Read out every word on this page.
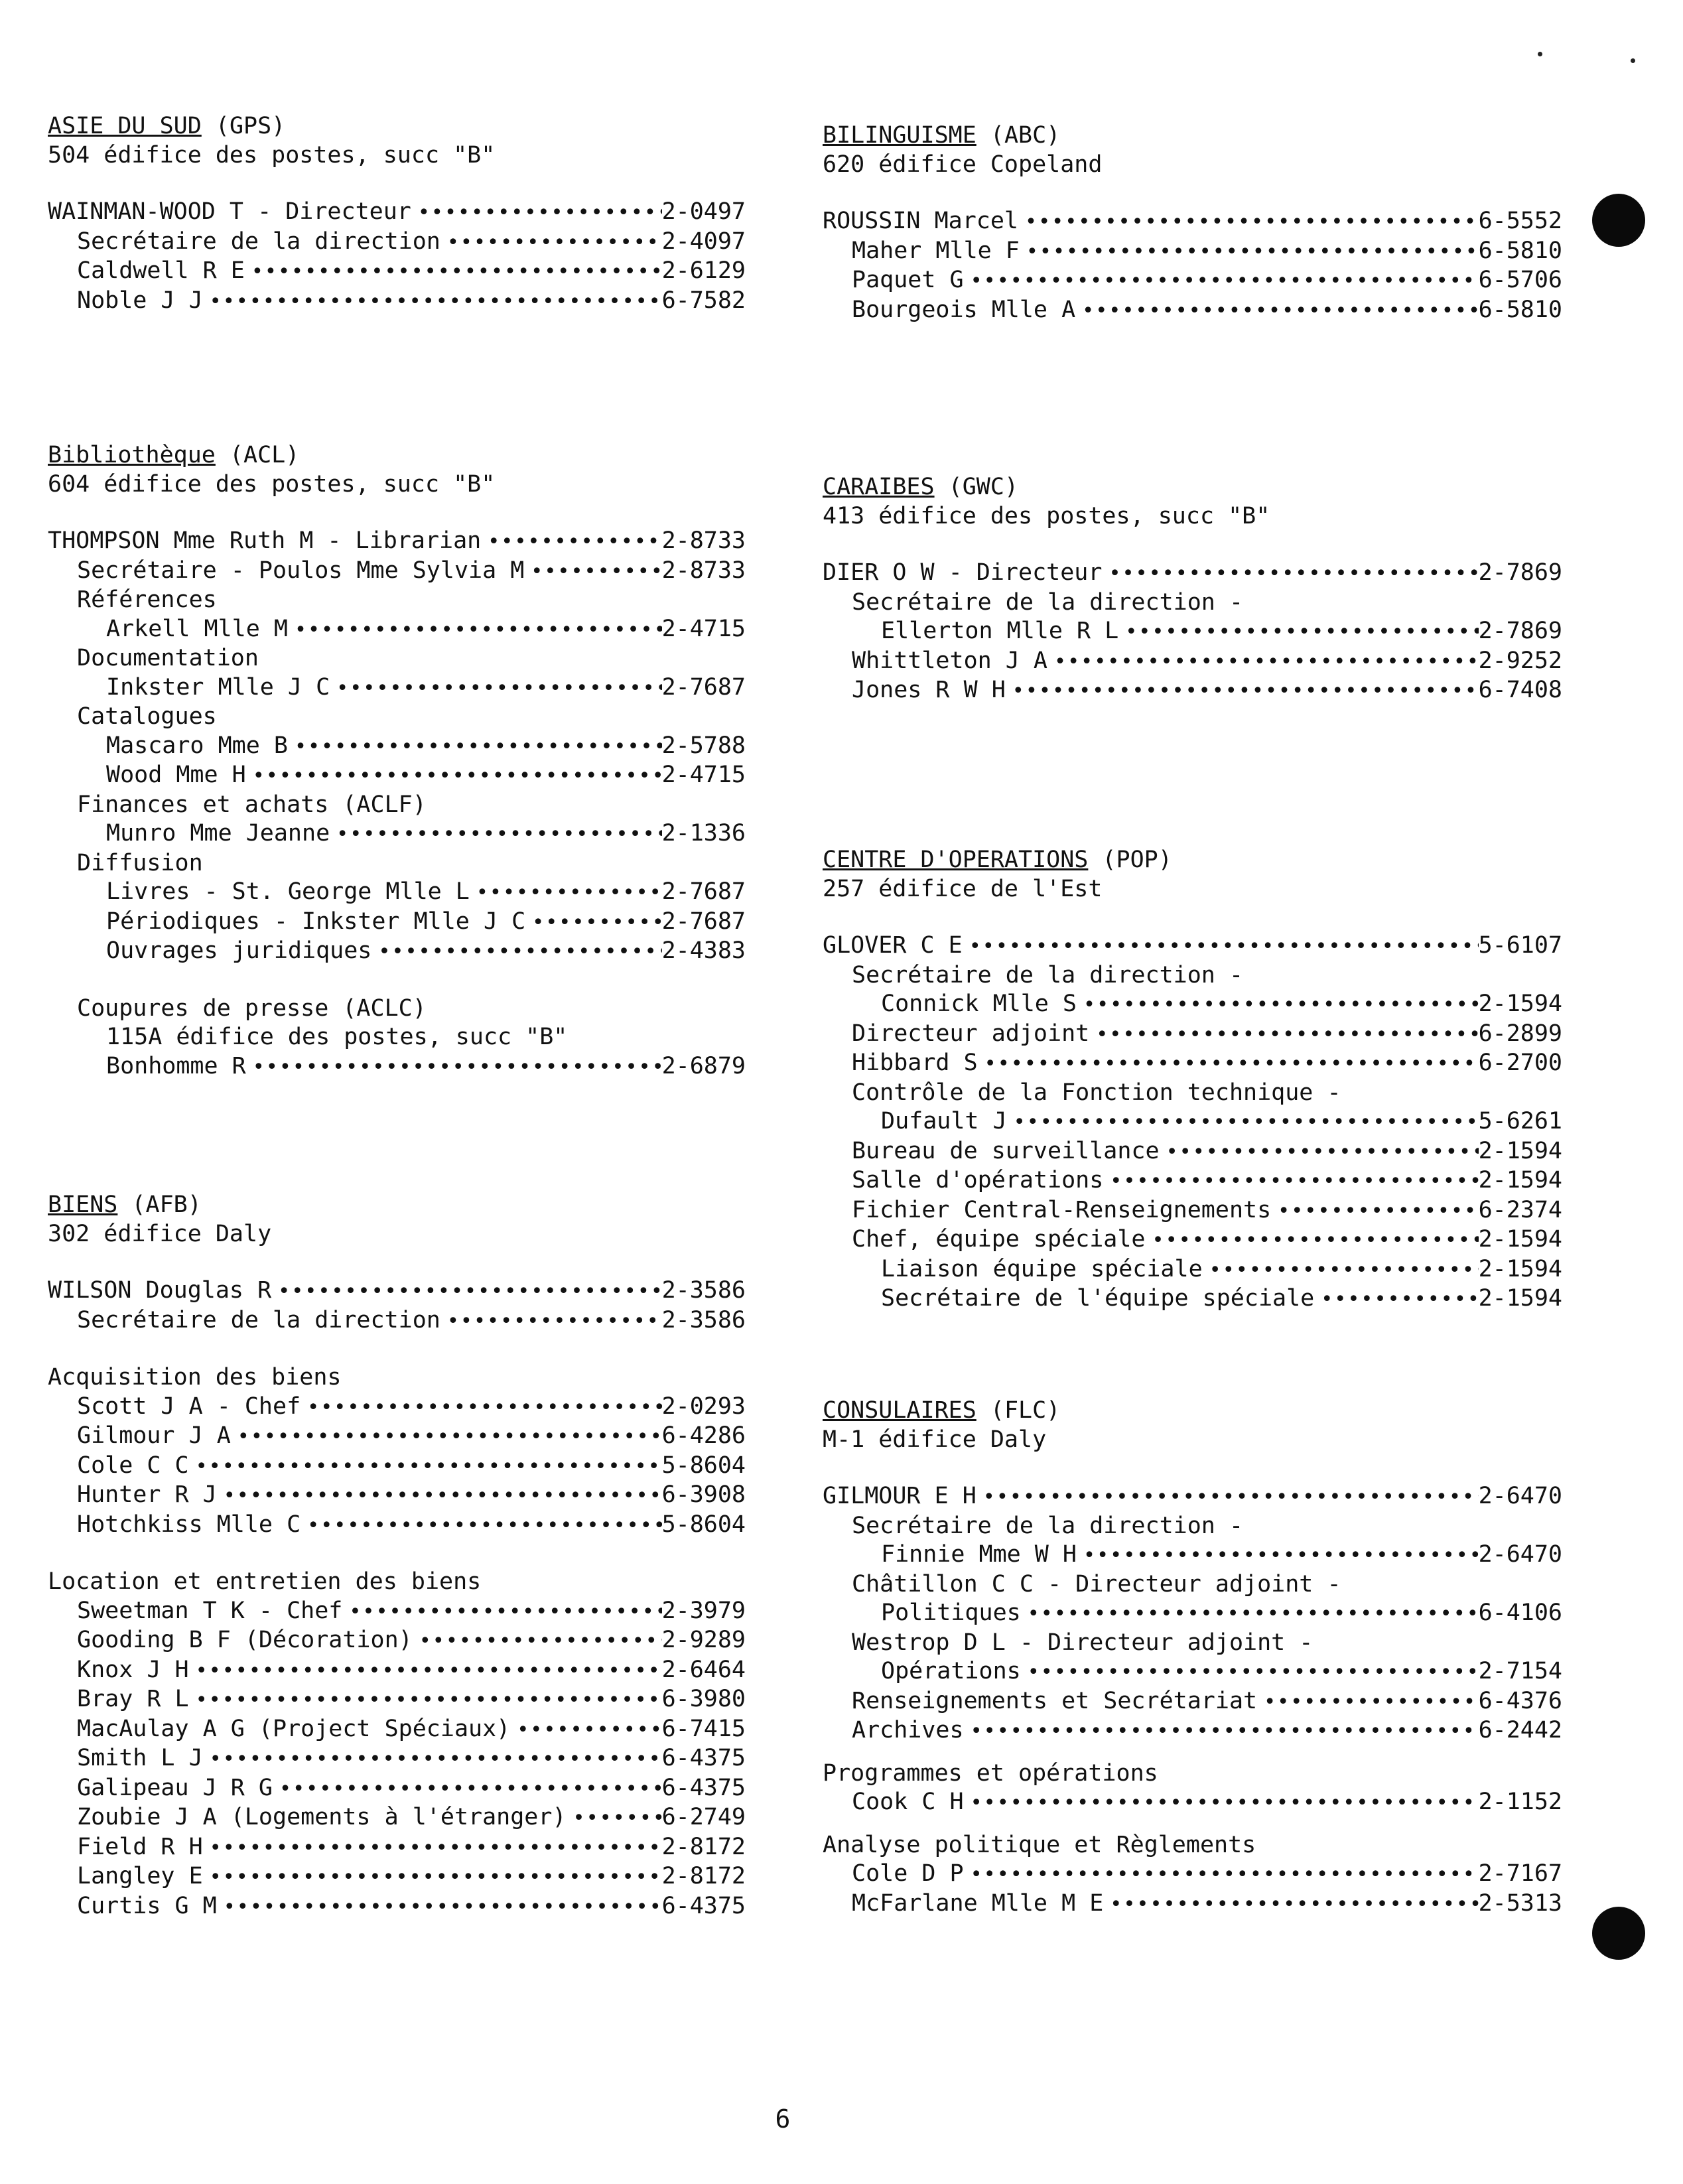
ASIE DU SUD (GPS)
504 édifice des postes, succ "B"
WAINMAN-WOOD T - Directeur •••••	2-0497
Secrétaire de la direction •••••	2-4097
Caldwell R E •••••	2-6129
Noble J J •••••	6-7582
Bibliothèque (ACL)
604 édifice des postes, succ "B"
THOMPSON Mme Ruth M - Librarian •••••	2-8733
Secrétaire - Poulos Mme Sylvia M •••••	2-8733
Références
Arkell Mlle M •••••	2-4715
Documentation
Inkster Mlle J C •••••	2-7687
Catalogues
Mascaro Mme B •••••	2-5788
Wood Mme H •••••	2-4715
Finances et achats (ACLF)
Munro Mme Jeanne •••••	2-1336
Diffusion
Livres - St. George Mlle L •••••	2-7687
Périodiques - Inkster Mlle J C •••••	2-7687
Ouvrages juridiques •••••	2-4383
Coupures de presse (ACLC)
115A édifice des postes, succ "B"
Bonhomme R •••••	2-6879
BIENS (AFB)
302 édifice Daly
WILSON Douglas R •••••	2-3586
Secrétaire de la direction •••••	2-3586
Acquisition des biens
Scott J A - Chef •••••	2-0293
Gilmour J A •••••	6-4286
Cole C C •••••	5-8604
Hunter R J •••••	6-3908
Hotchkiss Mlle C •••••	5-8604
Location et entretien des biens
Sweetman T K - Chef •••••	2-3979
Gooding B F (Décoration) •••••	2-9289
Knox J H •••••	2-6464
Bray R L •••••	6-3980
MacAulay A G (Project Spéciaux) •••••	6-7415
Smith L J •••••	6-4375
Galipeau J R G •••••	6-4375
Zoubie J A (Logements à l'étranger) •••••	6-2749
Field R H •••••	2-8172
Langley E •••••	2-8172
Curtis G M •••••	6-4375
BILINGUISME (ABC)
620 édifice Copeland
ROUSSIN Marcel •••••	6-5552
Maher Mlle F •••••	6-5810
Paquet G •••••	6-5706
Bourgeois Mlle A •••••	6-5810
CARAIBES (GWC)
413 édifice des postes, succ "B"
DIER O W - Directeur •••••	2-7869
Secrétaire de la direction -
Ellerton Mlle R L •••••	2-7869
Whittleton J A •••••	2-9252
Jones R W H •••••	6-7408
CENTRE D'OPERATIONS (POP)
257 édifice de l'Est
GLOVER C E •••••	5-6107
Secrétaire de la direction -
Connick Mlle S •••••	2-1594
Directeur adjoint •••••	6-2899
Hibbard S •••••	6-2700
Contrôle de la Fonction technique -
Dufault J •••••	5-6261
Bureau de surveillance •••••	2-1594
Salle d'opérations •••••	2-1594
Fichier Central-Renseignements •••••	6-2374
Chef, équipe spéciale •••••	2-1594
Liaison équipe spéciale •••••	2-1594
Secrétaire de l'équipe spéciale •••••	2-1594
CONSULAIRES (FLC)
M-1 édifice Daly
GILMOUR E H •••••	2-6470
Secrétaire de la direction -
Finnie Mme W H •••••	2-6470
Châtillon C C - Directeur adjoint -
Politiques •••••	6-4106
Westrop D L - Directeur adjoint -
Opérations •••••	2-7154
Renseignements et Secrétariat •••••	6-4376
Archives •••••	6-2442
Programmes et opérations
Cook C H •••••	2-1152
Analyse politique et Règlements
Cole D P •••••	2-7167
McFarlane Mlle M E •••••	2-5313
6
